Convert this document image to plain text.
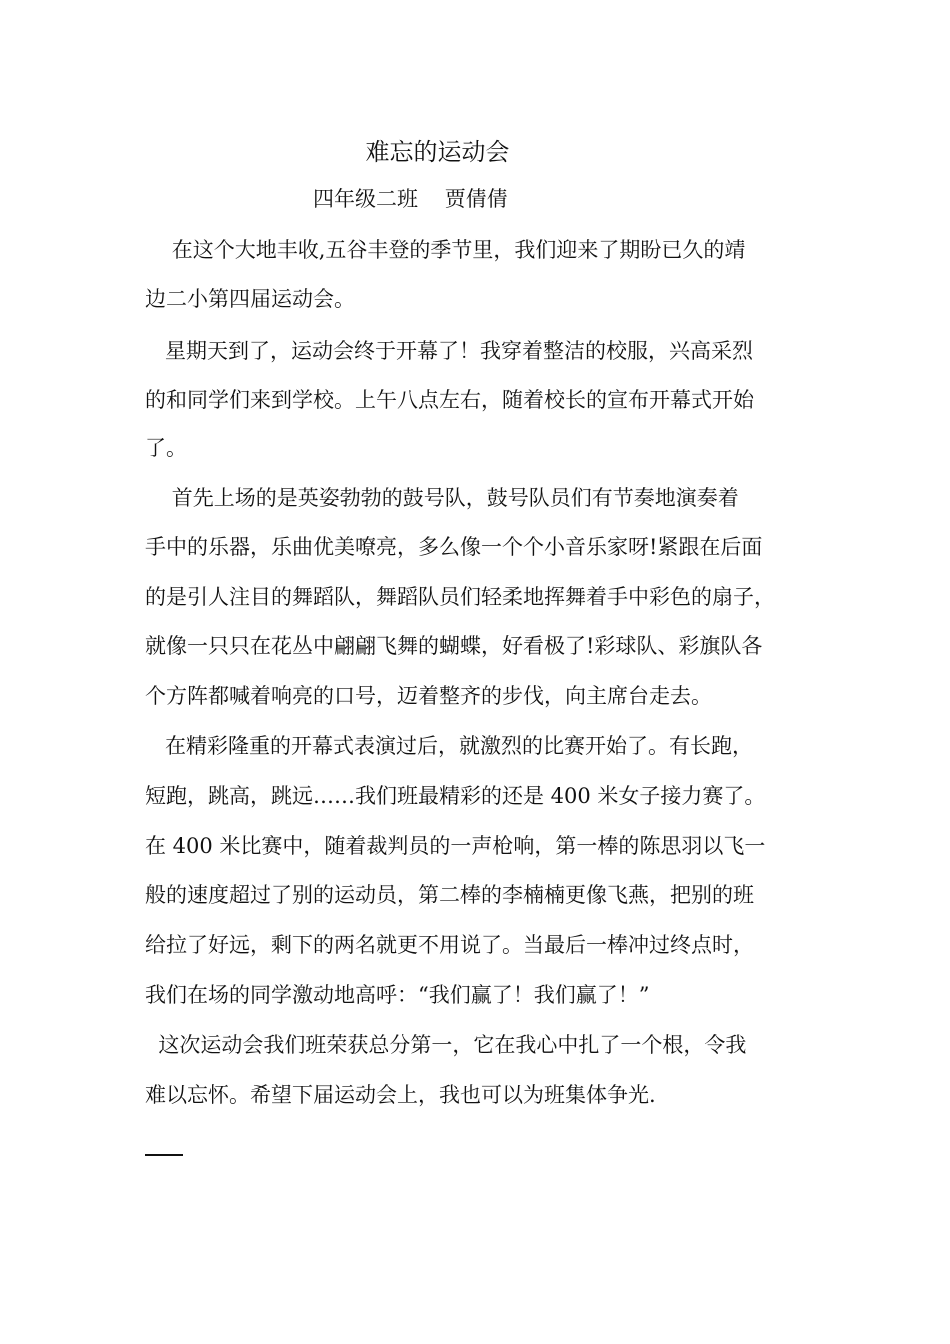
难忘的运动会
四年级二班    贾倩倩
在这个大地丰收,五谷丰登的季节里，我们迎来了期盼已久的靖
边二小第四届运动会。
星期天到了，运动会终于开幕了！我穿着整洁的校服，兴高采烈
的和同学们来到学校。上午八点左右，随着校长的宣布开幕式开始
了。
首先上场的是英姿勃勃的鼓号队，鼓号队员们有节奏地演奏着
手中的乐器，乐曲优美嘹亮，多么像一个个小音乐家呀!紧跟在后面
的是引人注目的舞蹈队，舞蹈队员们轻柔地挥舞着手中彩色的扇子，
就像一只只在花丛中翩翩飞舞的蝴蝶，好看极了!彩球队、彩旗队各
个方阵都喊着响亮的口号，迈着整齐的步伐，向主席台走去。
在精彩隆重的开幕式表演过后，就激烈的比赛开始了。有长跑，
短跑，跳高，跳远……我们班最精彩的还是 400 米女子接力赛了。
在 400 米比赛中，随着裁判员的一声枪响，第一棒的陈思羽以飞一
般的速度超过了别的运动员，第二棒的李楠楠更像飞燕，把别的班
给拉了好远，剩下的两名就更不用说了。当最后一棒冲过终点时，
我们在场的同学激动地高呼：“我们赢了！我们赢了！”
这次运动会我们班荣获总分第一，它在我心中扎了一个根，令我
难以忘怀。希望下届运动会上，我也可以为班集体争光.
